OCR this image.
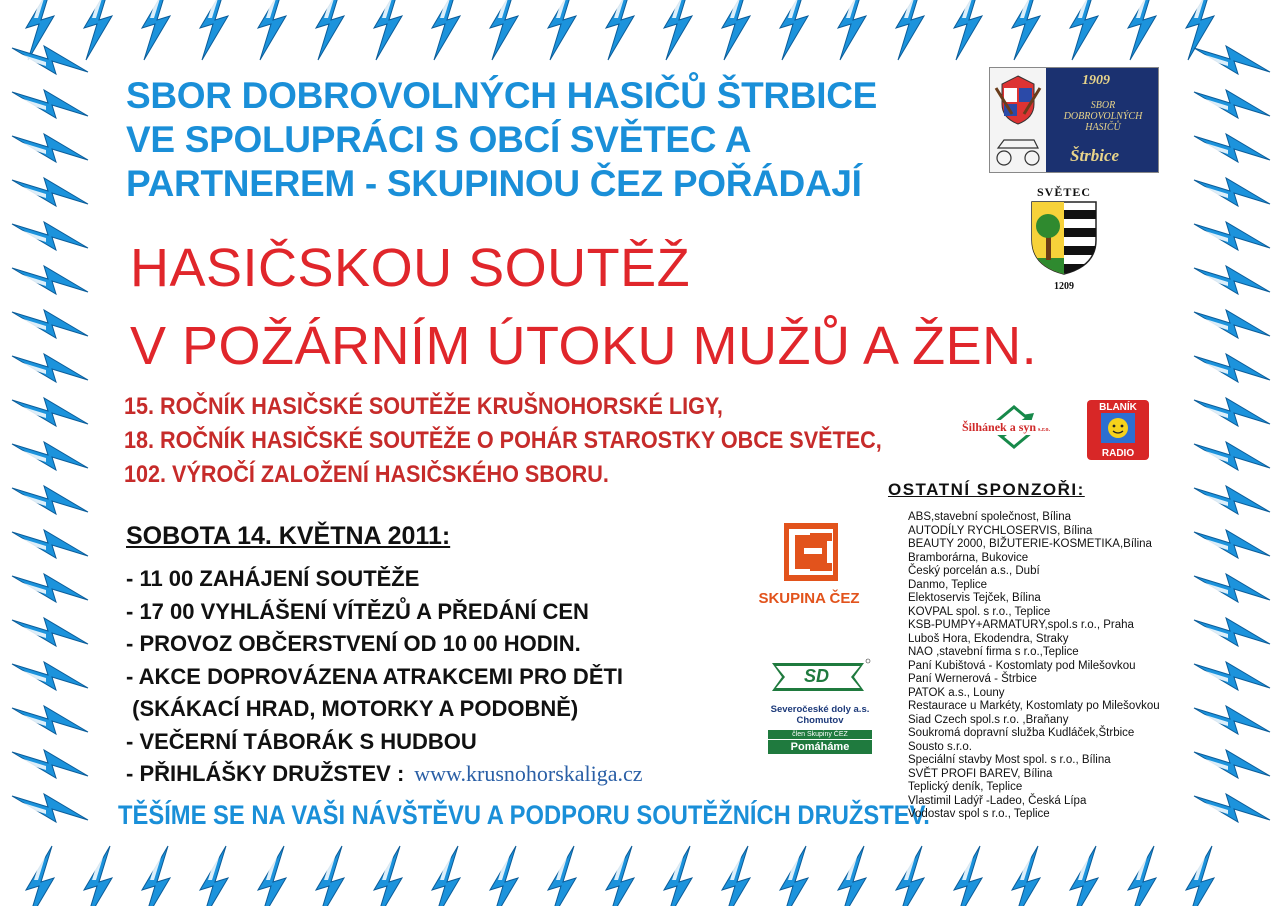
SBOR DOBROVOLNÝCH HASIČŮ ŠTRBICE
VE SPOLUPRÁCI S OBCÍ SVĚTEC A
PARTNEREM - SKUPINOU ČEZ POŘÁDAJÍ
1909
SBOR
DOBROVOLNÝCH
HASIČŮ
Štrbice
SVĚTEC
1209
HASIČSKOU SOUTĚŽ
V POŽÁRNÍM ÚTOKU MUŽŮ A ŽEN.
15. ROČNÍK HASIČSKÉ SOUTĚŽE KRUŠNOHORSKÉ LIGY,
18. ROČNÍK HASIČSKÉ SOUTĚŽE O POHÁR STAROSTKY OBCE SVĚTEC,
102. VÝROČÍ ZALOŽENÍ HASIČSKÉHO SBORU.
Šilhánek a syn s.r.o.
BLANÍK
RADIO
SOBOTA 14. KVĚTNA 2011:
- 11 00 ZAHÁJENÍ SOUTĚŽE
- 17 00 VYHLÁŠENÍ VÍTĚZŮ A PŘEDÁNÍ CEN
- PROVOZ OBČERSTVENÍ OD 10 00 HODIN.
- AKCE DOPROVÁZENA ATRAKCEMI PRO DĚTI
(SKÁKACÍ HRAD, MOTORKY A PODOBNĚ)
- VEČERNÍ TÁBORÁK S HUDBOU
- PŘIHLÁŠKY DRUŽSTEV : www.krusnohorskaliga.cz
TĚŠÍME SE NA VAŠI NÁVŠTĚVU A PODPORU SOUTĚŽNÍCH DRUŽSTEV.
SKUPINA ČEZ
SD
Severočeské doly a.s.
Chomutov
člen Skupiny ČEZ
Pomáháme
OSTATNÍ SPONZOŘI:
ABS,stavební společnost, Bílina
AUTODÍLY RYCHLOSERVIS, Bílina
BEAUTY 2000, BIŽUTERIE-KOSMETIKA,Bílina
Bramborárna, Bukovice
Český porcelán a.s., Dubí
Danmo, Teplice
Elektoservis Tejček, Bílina
KOVPAL spol. s r.o., Teplice
KSB-PUMPY+ARMATURY,spol.s r.o., Praha
Luboš Hora, Ekodendra, Straky
NAO ,stavební firma s r.o.,Teplice
Paní Kubištová - Kostomlaty pod Milešovkou
Paní Wernerová - Štrbice
PATOK a.s., Louny
Restaurace u Markéty, Kostomlaty po Milešovkou
Siad Czech spol.s r.o. ,Braňany
Soukromá dopravní služba Kudláček,Štrbice
Sousto s.r.o.
Speciální stavby Most spol. s r.o., Bílina
SVĚT PROFI BAREV, Bílina
Teplický deník, Teplice
Vlastimil Ladýř -Ladeo, Česká Lípa
Vodostav spol s r.o., Teplice
